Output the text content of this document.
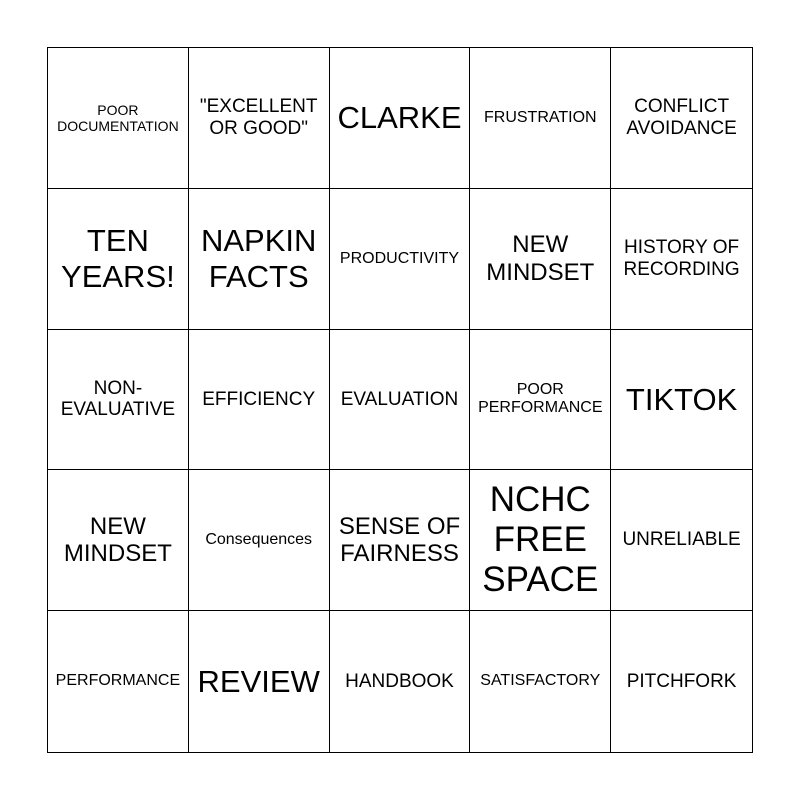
POOR DOCUMENTATION
"EXCELLENT OR GOOD" CLARKE FRUSTRATION
CONFLICT AVOIDANCE
TEN YEARS!
NAPKIN FACTS
PRODUCTIVITY	NEW MINDSET
HISTORY OF RECORDING
NON-EVALUATIVE
EFFICIENCY EVALUATION	POOR PERFORMANCE TIKTOK
NEW MINDSET
Consequences SENSE OF FAIRNESS
NCHC FREE SPACE
UNRELIABLE
PERFORMANCE REVIEW HANDBOOK SATISFACTORY PITCHFORK
